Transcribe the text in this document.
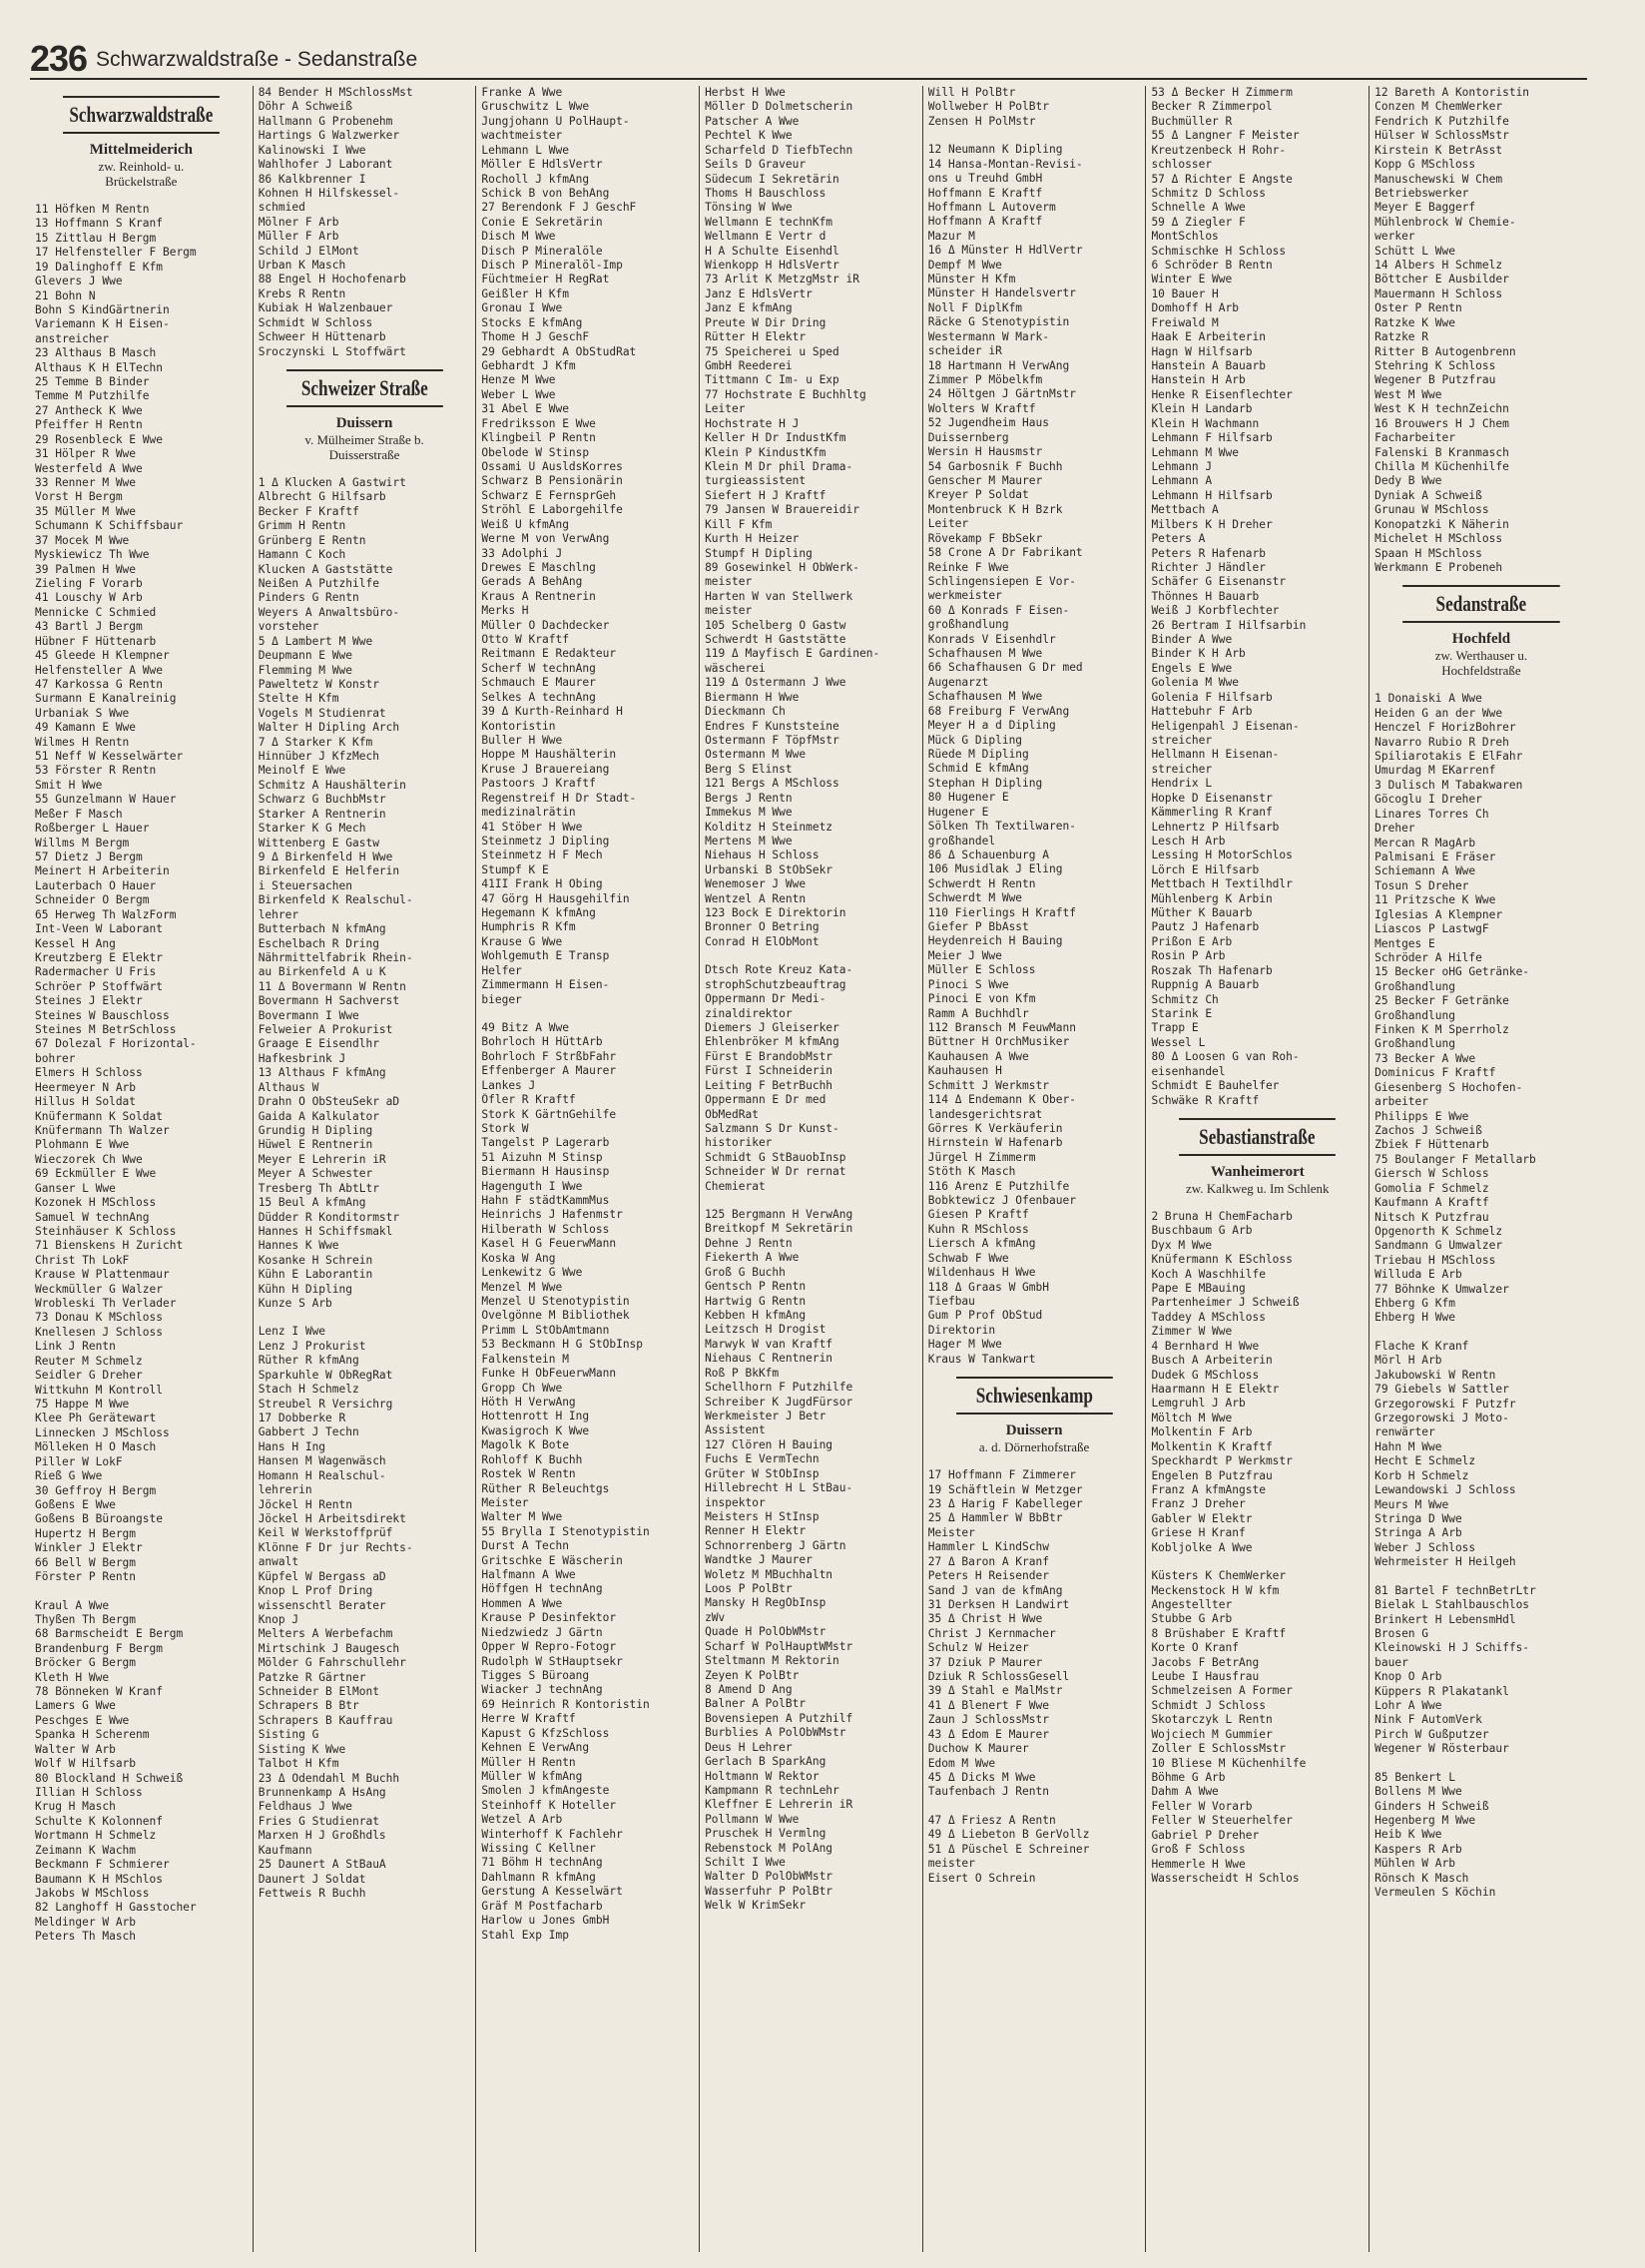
236 Schwarzwaldstraße - Sedanstraße
Schwarzwaldstraße
Mittelmeiderich
zw. Reinhold- u.
Brückelstraße
11 Höfken M Rentn
13 Hoffmann S Kranf
15 Zittlau H Bergm
17 Helfensteller F Bergm
19 Dalinghoff E Kfm
Glevers J Wwe
21 Bohn N
Bohn S KindGärtnerin
Variemann K H Eisen-
anstreicher
23 Althaus B Masch
Althaus K H ElTechn
25 Temme B Binder
Temme M Putzhilfe
27 Antheck K Wwe
Pfeiffer H Rentn
29 Rosenbleck E Wwe
31 Hölper R Wwe
Westerfeld A Wwe
33 Renner M Wwe
Vorst H Bergm
35 Müller M Wwe
Schumann K Schiffsbaur
37 Mocek M Wwe
Myskiewicz Th Wwe
39 Palmen H Wwe
Zieling F Vorarb
41 Louschy W Arb
Mennicke C Schmied
43 Bartl J Bergm
Hübner F Hüttenarb
45 Gleede H Klempner
Helfensteller A Wwe
47 Karkossa G Rentn
Surmann E Kanalreinig
Urbaniak S Wwe
49 Kamann E Wwe
Wilmes H Rentn
51 Neff W Kesselwärter
53 Förster R Rentn
Smit H Wwe
55 Gunzelmann W Hauer
Meßer F Masch
Roßberger L Hauer
Willms M Bergm
57 Dietz J Bergm
Meinert H Arbeiterin
Lauterbach O Hauer
Schneider O Bergm
65 Herweg Th WalzForm
Int-Veen W Laborant
Kessel H Ang
Kreutzberg E Elektr
Radermacher U Fris
Schröer P Stoffwärt
Steines J Elektr
Steines W Bauschloss
Steines M BetrSchloss
67 Dolezal F Horizontal-
bohrer
Elmers H Schloss
Heermeyer N Arb
Hillus H Soldat
Knüfermann K Soldat
Knüfermann Th Walzer
Plohmann E Wwe
Wieczorek Ch Wwe
69 Eckmüller E Wwe
Ganser L Wwe
Kozonek H MSchloss
Samuel W technAng
Steinhäuser K Schloss
71 Bienskens H Zuricht
Christ Th LokF
Krause W Plattenmaur
Weckmüller G Walzer
Wrobleski Th Verlader
73 Donau K MSchloss
Knellesen J Schloss
Link J Rentn
Reuter M Schmelz
Seidler G Dreher
Wittkuhn M Kontroll
75 Happe M Wwe
Klee Ph Gerätewart
Linnecken J MSchloss
Mölleken H O Masch
Piller W LokF
Rieß G Wwe
30 Geffroy H Bergm
Goßens E Wwe
Goßens B Büroangste
Hupertz H Bergm
Winkler J Elektr
66 Bell W Bergm
Förster P Rentn
Kraul A Wwe
Thyßen Th Bergm
68 Barmscheidt E Bergm
Brandenburg F Bergm
Bröcker G Bergm
Kleth H Wwe
78 Bönneken W Kranf
Lamers G Wwe
Peschges E Wwe
Spanka H Scherenm
Walter W Arb
Wolf W Hilfsarb
80 Blockland H Schweiß
Illian H Schloss
Krug H Masch
Schulte K Kolonnenf
Wortmann H Schmelz
Zeimann K Wachm
Beckmann F Schmierer
Baumann K H MSchlos
Jakobs W MSchloss
82 Langhoff H Gasstocher
Meldinger W Arb
Peters Th Masch
84 Bender H MSchlossMst
Döhr A Schweiß
Hallmann G Probenehm
Hartings G Walzwerker
Kalinowski I Wwe
Wahlhofer J Laborant
86 Kalkbrenner I
Kohnen H Hilfskessel-
schmied
Mölner F Arb
Müller F Arb
Schild J ElMont
Urban K Masch
88 Engel H Hochofenarb
Krebs R Rentn
Kubiak H Walzenbauer
Schmidt W Schloss
Schweer H Hüttenarb
Sroczynski L Stoffwärt
Schweizer Straße
Duissern
v. Mülheimer Straße b.
Duisserstraße
1 Δ Klucken A Gastwirt
Albrecht G Hilfsarb
Becker F Kraftf
Grimm H Rentn
Grünberg E Rentn
Hamann C Koch
Klucken A Gaststätte
Neißen A Putzhilfe
Pinders G Rentn
Weyers A Anwaltsbüro-
vorsteher
5 Δ Lambert M Wwe
Deupmann E Wwe
Flemming M Wwe
Paweltetz W Konstr
Stelte H Kfm
Vogels M Studienrat
Walter H Dipling Arch
7 Δ Starker K Kfm
Hinnüber J KfzMech
Meinolf E Wwe
Schmitz A Haushälterin
Schwarz G BuchbMstr
Starker A Rentnerin
Starker K G Mech
Wittenberg E Gastw
9 Δ Birkenfeld H Wwe
Birkenfeld E Helferin
i Steuersachen
Birkenfeld K Realschul-
lehrer
Butterbach N kfmAng
Eschelbach R Dring
Nährmittelfabrik Rhein-
au Birkenfeld A u K
11 Δ Bovermann W Rentn
Bovermann H Sachverst
Bovermann I Wwe
Felweier A Prokurist
Graage E Eisendlhr
Hafkesbrink J
13 Althaus F kfmAng
Althaus W
Drahn O ObSteuSekr aD
Gaida A Kalkulator
Grundig H Dipling
Hüwel E Rentnerin
Meyer E Lehrerin iR
Meyer A Schwester
Tresberg Th AbtLtr
15 Beul A kfmAng
Düdder R Konditormstr
Hannes H Schiffsmakl
Hannes K Wwe
Kosanke H Schrein
Kühn E Laborantin
Kühn H Dipling
Kunze S Arb
Lenz I Wwe
Lenz J Prokurist
Rüther R kfmAng
Sparkuhle W ObRegRat
Stach H Schmelz
Streubel R Versichrg
17 Dobberke R
Gabbert J Techn
Hans H Ing
Hansen M Wagenwäsch
Homann H Realschul-
lehrerin
Jöckel H Rentn
Jöckel H Arbeitsdirekt
Keil W Werkstoffprüf
Klönne F Dr jur Rechts-
anwalt
Küpfel W Bergass aD
Knop L Prof Dring
wissenschtl Berater
Knop J
Melters A Werbefachm
Mirtschink J Baugesch
Mölder G Fahrschullehr
Patzke R Gärtner
Schneider B ElMont
Schrapers B Btr
Schrapers B Kauffrau
Sisting G
Sisting K Wwe
Talbot H Kfm
23 Δ Odendahl M Buchh
Brunnenkamp A HsAng
Feldhaus J Wwe
Fries G Studienrat
Marxen H J Großhdls
Kaufmann
25 Daunert A StBauA
Daunert J Soldat
Fettweis R Buchh
Franke A Wwe
Gruschwitz L Wwe
Jungjohann U PolHaupt-
wachtmeister
Lehmann L Wwe
Möller E HdlsVertr
Rocholl J kfmAng
Schick B von BehAng
27 Berendonk F J GeschF
Conie E Sekretärin
Disch M Wwe
Disch P Mineralöle
Disch P Mineralöl-Imp
Füchtmeier H RegRat
Geißler H Kfm
Gronau I Wwe
Stocks E kfmAng
Thome H J GeschF
29 Gebhardt A ObStudRat
Gebhardt J Kfm
Henze M Wwe
Weber L Wwe
31 Abel E Wwe
Fredriksson E Wwe
Klingbeil P Rentn
Obelode W Stinsp
Ossami U AusldsKorres
Schwarz B Pensionärin
Schwarz E FernsprGeh
Ströhl E Laborgehilfe
Weiß U kfmAng
Werne M von VerwAng
33 Adolphi J
Drewes E Maschlng
Gerads A BehAng
Kraus A Rentnerin
Merks H
Müller O Dachdecker
Otto W Kraftf
Reitmann E Redakteur
Scherf W technAng
Schmauch E Maurer
Selkes A technAng
39 Δ Kurth-Reinhard H
Kontoristin
Buller H Wwe
Hoppe M Haushälterin
Kruse J Brauereiang
Pastoors J Kraftf
Regenstreif H Dr Stadt-
medizinalrätin
41 Stöber H Wwe
Steinmetz J Dipling
Steinmetz H F Mech
Stumpf K E
41II Frank H Obing
47 Görg H Hausgehilfin
Hegemann K kfmAng
Humphris R Kfm
Krause G Wwe
Wohlgemuth E Transp
Helfer
Zimmermann H Eisen-
bieger
49 Bitz A Wwe
Bohrloch H HüttArb
Bohrloch F StrßbFahr
Effenberger A Maurer
Lankes J
Öfler R Kraftf
Stork K GärtnGehilfe
Stork W
Tangelst P Lagerarb
51 Aizuhn M Stinsp
Biermann H Hausinsp
Hagenguth I Wwe
Hahn F städtKammMus
Heinrichs J Hafenmstr
Hilberath W Schloss
Kasel H G FeuerwMann
Koska W Ang
Lenkewitz G Wwe
Menzel M Wwe
Menzel U Stenotypistin
Ovelgönne M Bibliothek
Primm L StObAmtmann
53 Beckmann H G StObInsp
Falkenstein M
Funke H ObFeuerwMann
Gropp Ch Wwe
Höth H VerwAng
Hottenrott H Ing
Kwasigroch K Wwe
Magolk K Bote
Rohloff K Buchh
Rostek W Rentn
Rüther R Beleuchtgs
Meister
Walter M Wwe
55 Brylla I Stenotypistin
Durst A Techn
Gritschke E Wäscherin
Halfmann A Wwe
Höffgen H technAng
Hommen A Wwe
Krause P Desinfektor
Niedzwiedz J Gärtn
Opper W Repro-Fotogr
Rudolph W StHauptsekr
Tigges S Büroang
Wiacker J technAng
69 Heinrich R Kontoristin
Herre W Kraftf
Kapust G KfzSchloss
Kehnen E VerwAng
Müller H Rentn
Müller W kfmAng
Smolen J kfmAngeste
Steinhoff K Hoteller
Wetzel A Arb
Winterhoff K Fachlehr
Wissing C Kellner
71 Böhm H technAng
Dahlmann R kfmAng
Gerstung A Kesselwärt
Gräf M Postfacharb
Harlow u Jones GmbH
Stahl Exp Imp
Herbst H Wwe
Möller D Dolmetscherin
Patscher A Wwe
Pechtel K Wwe
Scharfeld D TiefbTechn
Seils D Graveur
Südecum I Sekretärin
Thoms H Bauschloss
Tönsing W Wwe
Wellmann E technKfm
Wellmann E Vertr d
H A Schulte Eisenhdl
Wienkopp H HdlsVertr
73 Arlit K MetzgMstr iR
Janz E HdlsVertr
Janz E kfmAng
Preute W Dir Dring
Rütter H Elektr
75 Speicherei u Sped
GmbH Reederei
Tittmann C Im- u Exp
77 Hochstrate E Buchhltg
Leiter
Hochstrate H J
Keller H Dr IndustKfm
Klein P KindustKfm
Klein M Dr phil Drama-
turgieassistent
Siefert H J Kraftf
79 Jansen W Brauereidir
Kill F Kfm
Kurth H Heizer
Stumpf H Dipling
89 Gosewinkel H ObWerk-
meister
Harten W van Stellwerk
meister
105 Schelberg O Gastw
Schwerdt H Gaststätte
119 Δ Mayfisch E Gardinen-
wäscherei
119 Δ Ostermann J Wwe
Biermann H Wwe
Dieckmann Ch
Endres F Kunststeine
Ostermann F TöpfMstr
Ostermann M Wwe
Berg S Elinst
121 Bergs A MSchloss
Bergs J Rentn
Immekus M Wwe
Kolditz H Steinmetz
Mertens M Wwe
Niehaus H Schloss
Urbanski B StObSekr
Wenemoser J Wwe
Wentzel A Rentn
123 Bock E Direktorin
Bronner O Betring
Conrad H ElObMont
Dtsch Rote Kreuz Kata-
strophSchutzbeauftrag
Oppermann Dr Medi-
zinaldirektor
Diemers J Gleiserker
Ehlenbröker M kfmAng
Fürst E BrandobMstr
Fürst I Schneiderin
Leiting F BetrBuchh
Oppermann E Dr med
ObMedRat
Salzmann S Dr Kunst-
historiker
Schmidt G StBauobInsp
Schneider W Dr rernat
Chemierat
125 Bergmann H VerwAng
Breitkopf M Sekretärin
Dehne J Rentn
Fiekerth A Wwe
Groß G Buchh
Gentsch P Rentn
Hartwig G Rentn
Kebben H kfmAng
Leitzsch H Drogist
Marwyk W van Kraftf
Niehaus C Rentnerin
Roß P BkKfm
Schellhorn F Putzhilfe
Schreiber K JugdFürsor
Werkmeister J Betr
Assistent
127 Clören H Bauing
Fuchs E VermTechn
Grüter W StObInsp
Hillebrecht H L StBau-
inspektor
Meisters H StInsp
Renner H Elektr
Schnorrenberg J Gärtn
Wandtke J Maurer
Woletz M MBuchhaltn
Loos P PolBtr
Mansky H RegObInsp
zWv
Quade H PolObWMstr
Scharf W PolHauptWMstr
Steltmann M Rektorin
Zeyen K PolBtr
8 Amend D Ang
Balner A PolBtr
Bovensiepen A Putzhilf
Burblies A PolObWMstr
Deus H Lehrer
Gerlach B SparkAng
Holtmann W Rektor
Kampmann R technLehr
Kleffner E Lehrerin iR
Pollmann W Wwe
Pruschek H Vermlng
Rebenstock M PolAng
Schilt I Wwe
Walter D PolObWMstr
Wasserfuhr P PolBtr
Welk W KrimSekr
Will H PolBtr
Wollweber H PolBtr
Zensen H PolMstr
12 Neumann K Dipling
14 Hansa-Montan-Revisi-
ons u Treuhd GmbH
Hoffmann E Kraftf
Hoffmann L Autoverm
Hoffmann A Kraftf
Mazur M
16 Δ Münster H HdlVertr
Dempf M Wwe
Münster H Kfm
Münster H Handelsvertr
Noll F DiplKfm
Räcke G Stenotypistin
Westermann W Mark-
scheider iR
18 Hartmann H VerwAng
Zimmer P Möbelkfm
24 Höltgen J GärtnMstr
Wolters W Kraftf
52 Jugendheim Haus
Duissernberg
Wersin H Hausmstr
54 Garbosnik F Buchh
Genscher M Maurer
Kreyer P Soldat
Montenbruck K H Bzrk
Leiter
Rövekamp F BbSekr
58 Crone A Dr Fabrikant
Reinke F Wwe
Schlingensiepen E Vor-
werkmeister
60 Δ Konrads F Eisen-
großhandlung
Konrads V Eisenhdlr
Schafhausen M Wwe
66 Schafhausen G Dr med
Augenarzt
Schafhausen M Wwe
68 Freiburg F VerwAng
Meyer H a d Dipling
Mück G Dipling
Rüede M Dipling
Schmid E kfmAng
Stephan H Dipling
80 Hugener E
Hugener E
Sölken Th Textilwaren-
großhandel
86 Δ Schauenburg A
106 Musidlak J Eling
Schwerdt H Rentn
Schwerdt M Wwe
110 Fierlings H Kraftf
Giefer P BbAsst
Heydenreich H Bauing
Meier J Wwe
Müller E Schloss
Pinoci S Wwe
Pinoci E von Kfm
Ramm A Buchhdlr
112 Bransch M FeuwMann
Büttner H OrchMusiker
Kauhausen A Wwe
Kauhausen H
Schmitt J Werkmstr
114 Δ Endemann K Ober-
landesgerichtsrat
Görres K Verkäuferin
Hirnstein W Hafenarb
Jürgel H Zimmerm
Stöth K Masch
116 Arenz E Putzhilfe
Bobktewicz J Ofenbauer
Giesen P Kraftf
Kuhn R MSchloss
Liersch A kfmAng
Schwab F Wwe
Wildenhaus H Wwe
118 Δ Graas W GmbH
Tiefbau
Gum P Prof ObStud
Direktorin
Hager M Wwe
Kraus W Tankwart
Schwiesenkamp
Duissern
a. d. Dörnerhofstraße
17 Hoffmann F Zimmerer
19 Schäftlein W Metzger
23 Δ Harig F Kabelleger
25 Δ Hammler W BbBtr
Meister
Hammler L KindSchw
27 Δ Baron A Kranf
Peters H Reisender
Sand J van de kfmAng
31 Derksen H Landwirt
35 Δ Christ H Wwe
Christ J Kernmacher
Schulz W Heizer
37 Dziuk P Maurer
Dziuk R SchlossGesell
39 Δ Stahl e MalMstr
41 Δ Blenert F Wwe
Zaun J SchlossMstr
43 Δ Edom E Maurer
Duchow K Maurer
Edom M Wwe
45 Δ Dicks M Wwe
Taufenbach J Rentn
47 Δ Friesz A Rentn
49 Δ Liebeton B GerVollz
51 Δ Püschel E Schreiner
meister
Eisert O Schrein
53 Δ Becker H Zimmerm
Becker R Zimmerpol
Buchmüller R
55 Δ Langner F Meister
Kreutzenbeck H Rohr-
schlosser
57 Δ Richter E Angste
Schmitz D Schloss
Schnelle A Wwe
59 Δ Ziegler F
MontSchlos
Schmischke H Schloss
6 Schröder B Rentn
Winter E Wwe
10 Bauer H
Domhoff H Arb
Freiwald M
Haak E Arbeiterin
Hagn W Hilfsarb
Hanstein A Bauarb
Hanstein H Arb
Henke R Eisenflechter
Klein H Landarb
Klein H Wachmann
Lehmann F Hilfsarb
Lehmann M Wwe
Lehmann J
Lehmann A
Lehmann H Hilfsarb
Mettbach A
Milbers K H Dreher
Peters A
Peters R Hafenarb
Richter J Händler
Schäfer G Eisenanstr
Thönnes H Bauarb
Weiß J Korbflechter
26 Bertram I Hilfsarbin
Binder A Wwe
Binder K H Arb
Engels E Wwe
Golenia M Wwe
Golenia F Hilfsarb
Hattebuhr F Arb
Heligenpahl J Eisenan-
streicher
Hellmann H Eisenan-
streicher
Hendrix L
Hopke D Eisenanstr
Kämmerling R Kranf
Lehnertz P Hilfsarb
Lesch H Arb
Lessing H MotorSchlos
Lörch E Hilfsarb
Mettbach H Textilhdlr
Mühlenberg K Arbin
Müther K Bauarb
Pautz J Hafenarb
Prißon E Arb
Rosin P Arb
Roszak Th Hafenarb
Ruppnig A Bauarb
Schmitz Ch
Starink E
Trapp E
Wessel L
80 Δ Loosen G van Roh-
eisenhandel
Schmidt E Bauhelfer
Schwäke R Kraftf
Sebastianstraße
Wanheimerort
zw. Kalkweg u. Im Schlenk
2 Bruna H ChemFacharb
Buschbaum G Arb
Dyx M Wwe
Knüfermann K ESchloss
Koch A Waschhilfe
Pape E MBauing
Partenheimer J Schweiß
Taddey A MSchloss
Zimmer W Wwe
4 Bernhard H Wwe
Busch A Arbeiterin
Dudek G MSchloss
Haarmann H E Elektr
Lemgruhl J Arb
Möltch M Wwe
Molkentin F Arb
Molkentin K Kraftf
Speckhardt P Werkmstr
Engelen B Putzfrau
Franz A kfmAngste
Franz J Dreher
Gabler W Elektr
Griese H Kranf
Kobljolke A Wwe
Küsters K ChemWerker
Meckenstock H W kfm
Angestellter
Stubbe G Arb
8 Brüshaber E Kraftf
Korte O Kranf
Jacobs F BetrAng
Leube I Hausfrau
Schmelzeisen A Former
Schmidt J Schloss
Skotarczyk L Rentn
Wojciech M Gummier
Zoller E SchlossMstr
10 Bliese M Küchenhilfe
Böhme G Arb
Dahm A Wwe
Feller W Vorarb
Feller W Steuerhelfer
Gabriel P Dreher
Groß F Schloss
Hemmerle H Wwe
Wasserscheidt H Schlos
12 Bareth A Kontoristin
Conzen M ChemWerker
Fendrich K Putzhilfe
Hülser W SchlossMstr
Kirstein K BetrAsst
Kopp G MSchloss
Manuschewski W Chem
Betriebswerker
Meyer E Baggerf
Mühlenbrock W Chemie-
werker
Schütt L Wwe
14 Albers H Schmelz
Böttcher E Ausbilder
Mauermann H Schloss
Oster P Rentn
Ratzke K Wwe
Ratzke R
Ritter B Autogenbrenn
Stehring K Schloss
Wegener B Putzfrau
West M Wwe
West K H technZeichn
16 Brouwers H J Chem
Facharbeiter
Falenski B Kranmasch
Chilla M Küchenhilfe
Dedy B Wwe
Dyniak A Schweiß
Grunau W MSchloss
Konopatzki K Näherin
Michelet H MSchloss
Spaan H MSchloss
Werkmann E Probeneh
Sedanstraße
Hochfeld
zw. Werthauser u.
Hochfeldstraße
1 Donaiski A Wwe
Heiden G an der Wwe
Henczel F HorizBohrer
Navarro Rubio R Dreh
Spiliarotakis E ElFahr
Umurdag M EKarrenf
3 Dulisch M Tabakwaren
Göcoglu I Dreher
Linares Torres Ch
Dreher
Mercan R MagArb
Palmisani E Fräser
Schiemann A Wwe
Tosun S Dreher
11 Pritzsche K Wwe
Iglesias A Klempner
Liascos P LastwgF
Mentges E
Schröder A Hilfe
15 Becker oHG Getränke-
Großhandlung
25 Becker F Getränke
Großhandlung
Finken K M Sperrholz
Großhandlung
73 Becker A Wwe
Dominicus F Kraftf
Giesenberg S Hochofen-
arbeiter
Philipps E Wwe
Zachos J Schweiß
Zbiek F Hüttenarb
75 Boulanger F Metallarb
Giersch W Schloss
Gomolia F Schmelz
Kaufmann A Kraftf
Nitsch K Putzfrau
Opgenorth K Schmelz
Sandmann G Umwalzer
Triebau H MSchloss
Willuda E Arb
77 Böhnke K Umwalzer
Ehberg G Kfm
Ehberg H Wwe
Flache K Kranf
Mörl H Arb
Jakubowski W Rentn
79 Giebels W Sattler
Grzegorowski F Putzfr
Grzegorowski J Moto-
renwärter
Hahn M Wwe
Hecht E Schmelz
Korb H Schmelz
Lewandowski J Schloss
Meurs M Wwe
Stringa D Wwe
Stringa A Arb
Weber J Schloss
Wehrmeister H Heilgeh
81 Bartel F technBetrLtr
Bielak L Stahlbauschlos
Brinkert H LebensmHdl
Brosen G
Kleinowski H J Schiffs-
bauer
Knop O Arb
Küppers R Plakatankl
Lohr A Wwe
Nink F AutomVerk
Pirch W Gußputzer
Wegener W Rösterbaur
85 Benkert L
Bollens M Wwe
Ginders H Schweiß
Hegenberg M Wwe
Heib K Wwe
Kaspers R Arb
Mühlen W Arb
Rönsch K Masch
Vermeulen S Köchin
